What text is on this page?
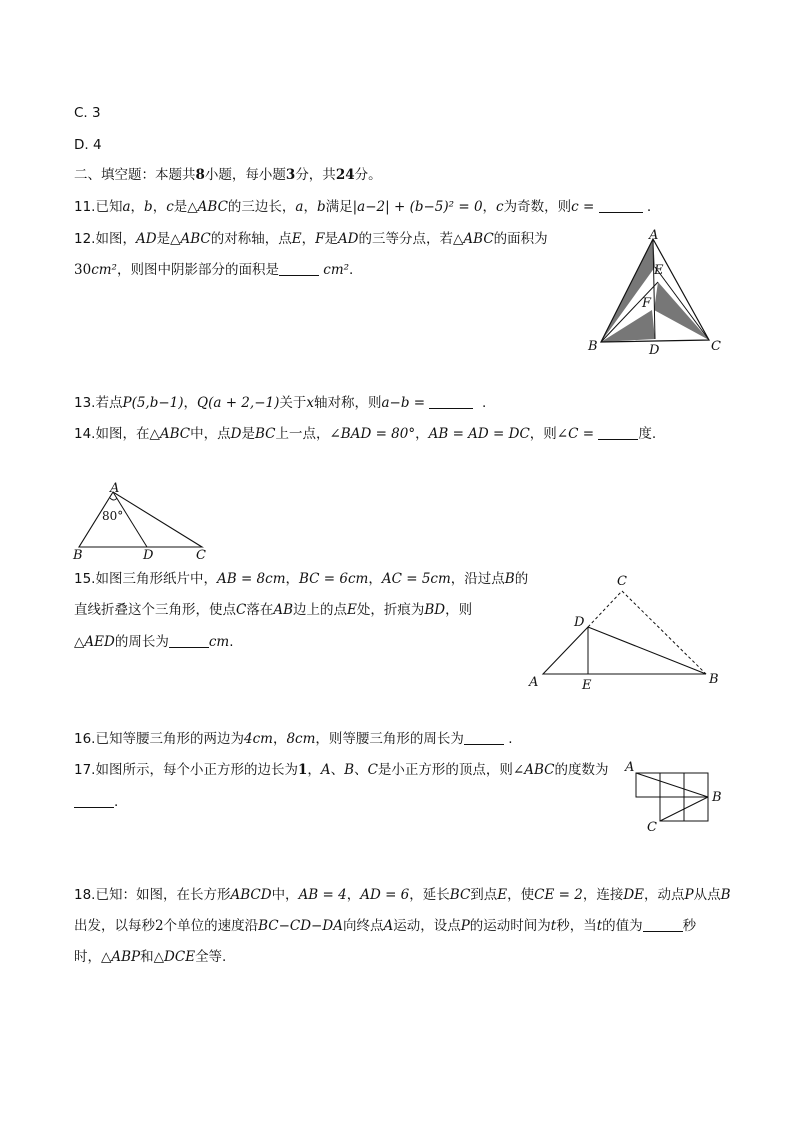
C. 3
D. 4
二、填空题：本题共8小题，每小题3分，共24分。
11.已知a，b，c是△ABC的三边长，a，b满足|a−2| + (b−5)² = 0，c为奇数，则c =	.
12.如图，AD是△ABC的对称轴，点E，F是AD的三等分点，若△ABC的面积为
30cm²，则图中阴影部分的面积是	cm².
A
E
F
B	D	C
13.若点P(5,b−1)，Q(a + 2,−1)关于x轴对称，则a−b =	.
14.如图，在△ABC中，点D是BC上一点，∠BAD = 80°，AB = AD = DC，则∠C =	度.
A
80°
B	D	C
15.如图三角形纸片中，AB = 8cm，BC = 6cm，AC = 5cm，沿过点B的
直线折叠这个三角形，使点C落在AB边上的点E处，折痕为BD，则
△AED的周长为	cm.
C
D
A	E	B
16.已知等腰三角形的两边为4cm，8cm，则等腰三角形的周长为	.
17.如图所示，每个小正方形的边长为1，A、B、C是小正方形的顶点，则∠ABC的度数为
.
A
B
C
18.已知：如图，在长方形ABCD中，AB = 4，AD = 6，延长BC到点E，使CE = 2，连接DE，动点P从点B
出发，以每秒2个单位的速度沿BC−CD−DA向终点A运动，设点P的运动时间为t秒，当t的值为	秒
时，△ABP和△DCE全等.
